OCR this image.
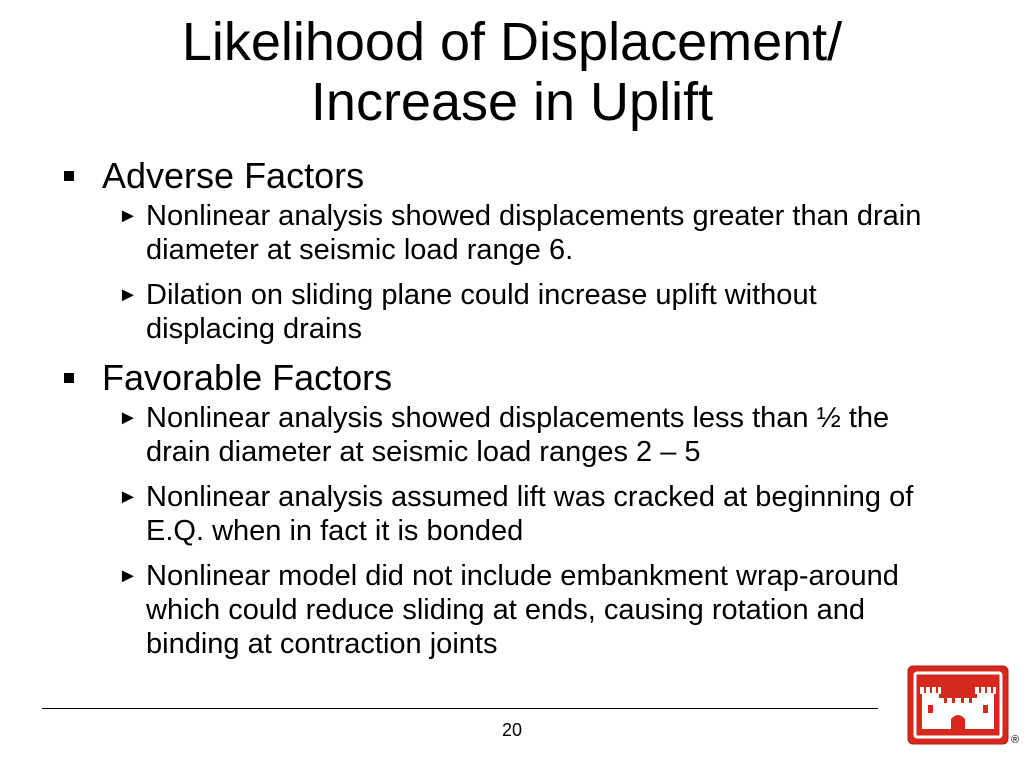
Likelihood of Displacement/
Increase in Uplift
Adverse Factors
► Nonlinear analysis showed displacements greater than drain diameter at seismic load range 6.
► Dilation on sliding plane could increase uplift without displacing drains
Favorable Factors
► Nonlinear analysis showed displacements less than ½ the drain diameter at seismic load ranges 2 – 5
► Nonlinear analysis assumed lift was cracked at beginning of E.Q. when in fact it is bonded
► Nonlinear model did not include embankment wrap-around which could reduce sliding at ends, causing rotation and binding at contraction joints
20	®
